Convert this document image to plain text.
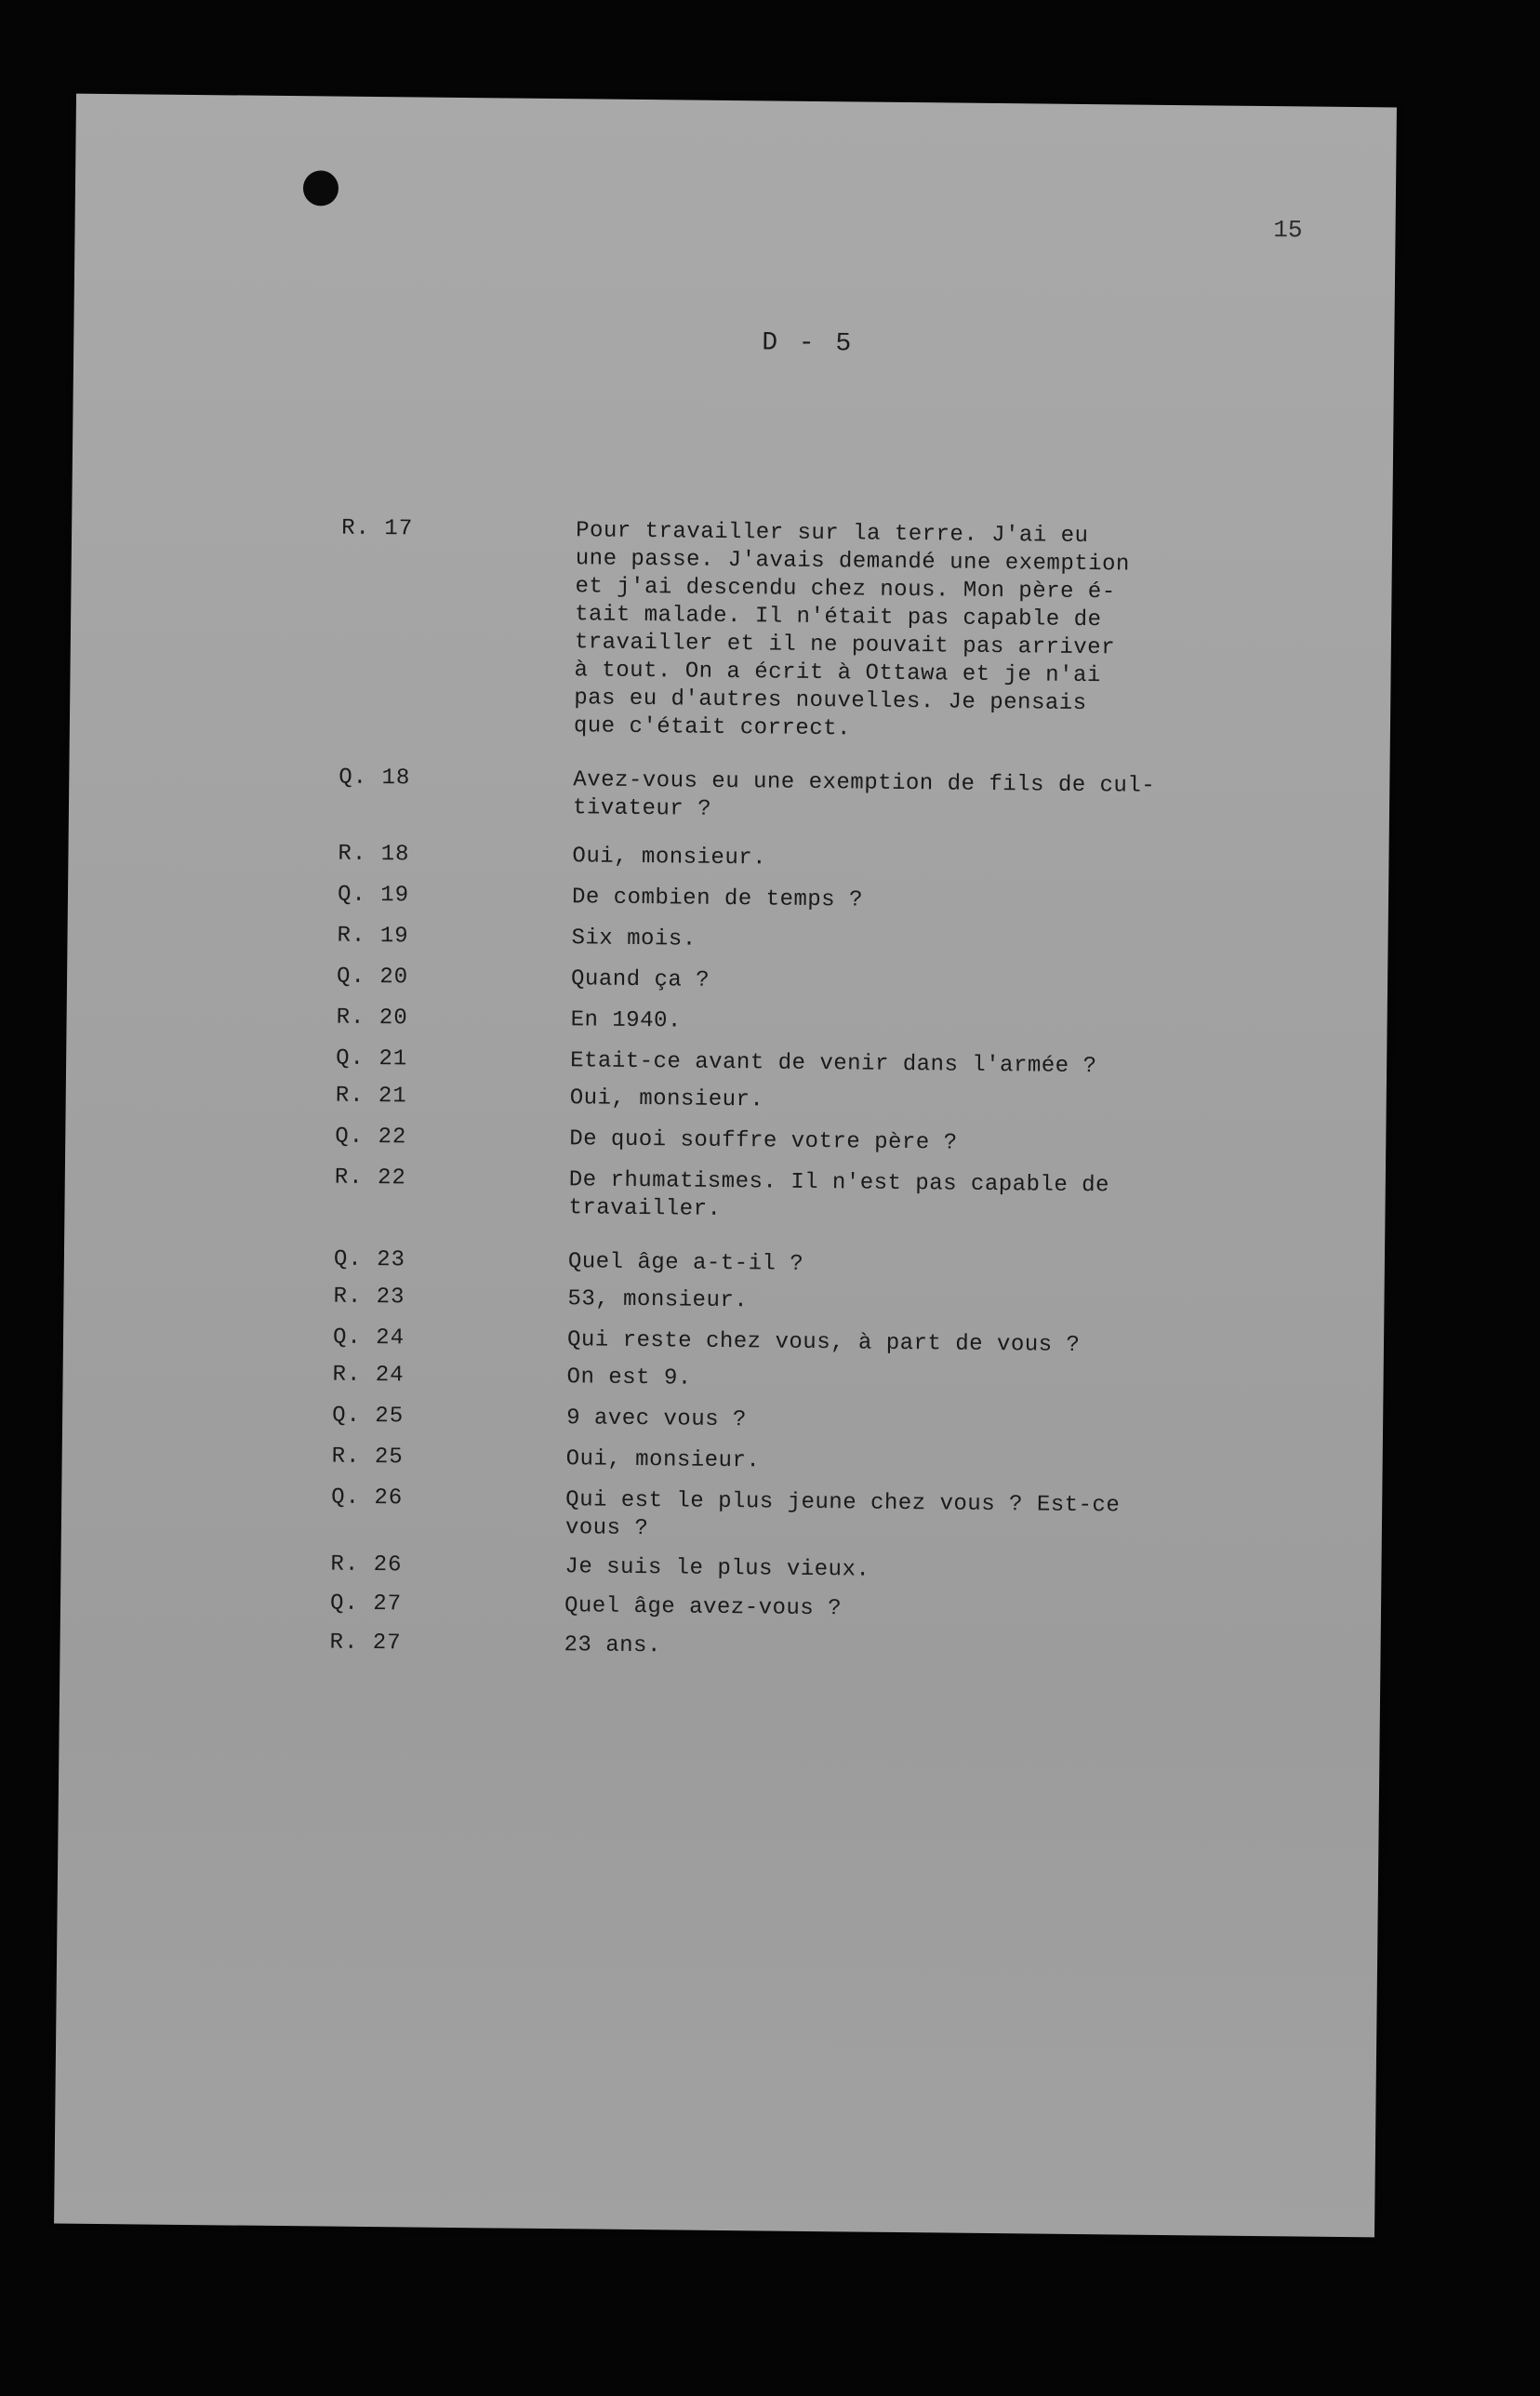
15
D - 5
R. 17	Pour travailler sur la terre. J'ai eu
une passe. J'avais demandé une exemption
et j'ai descendu chez nous. Mon père é-
tait malade. Il n'était pas capable de
travailler et il ne pouvait pas arriver
à tout. On a écrit à Ottawa et je n'ai
pas eu d'autres nouvelles. Je pensais
que c'était correct.
Q. 18	Avez-vous eu une exemption de fils de cul-
tivateur ?
R. 18	Oui, monsieur.
Q. 19	De combien de temps ?
R. 19	Six mois.
Q. 20	Quand ça ?
R. 20	En 1940.
Q. 21	Etait-ce avant de venir dans l'armée ?
R. 21	Oui, monsieur.
Q. 22	De quoi souffre votre père ?
R. 22	De rhumatismes. Il n'est pas capable de
travailler.
Q. 23	Quel âge a-t-il ?
R. 23	53, monsieur.
Q. 24	Qui reste chez vous, à part de vous ?
R. 24	On est 9.
Q. 25	9 avec vous ?
R. 25	Oui, monsieur.
Q. 26	Qui est le plus jeune chez vous ? Est-ce
vous ?
R. 26	Je suis le plus vieux.
Q. 27	Quel âge avez-vous ?
R. 27	23 ans.
